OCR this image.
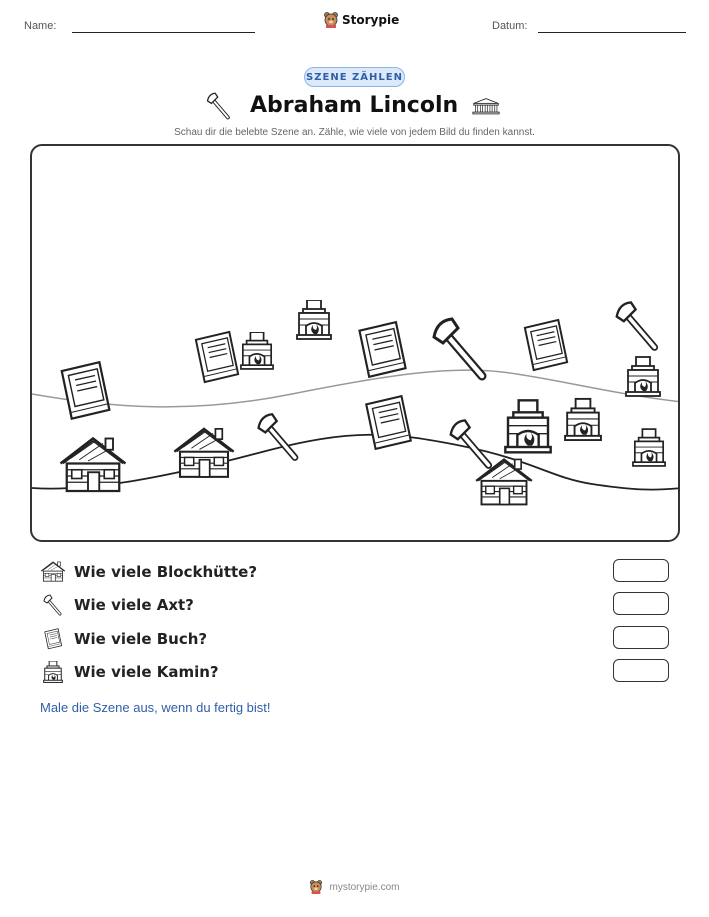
Name:	Storypie	Datum:
SZENE ZÄHLEN
Abraham Lincoln
Schau dir die belebte Szene an. Zähle, wie viele von jedem Bild du finden kannst.
Wie viele Blockhütte?
Wie viele Axt?
Wie viele Buch?
Wie viele Kamin?
Male die Szene aus, wenn du fertig bist!
mystorypie.com
